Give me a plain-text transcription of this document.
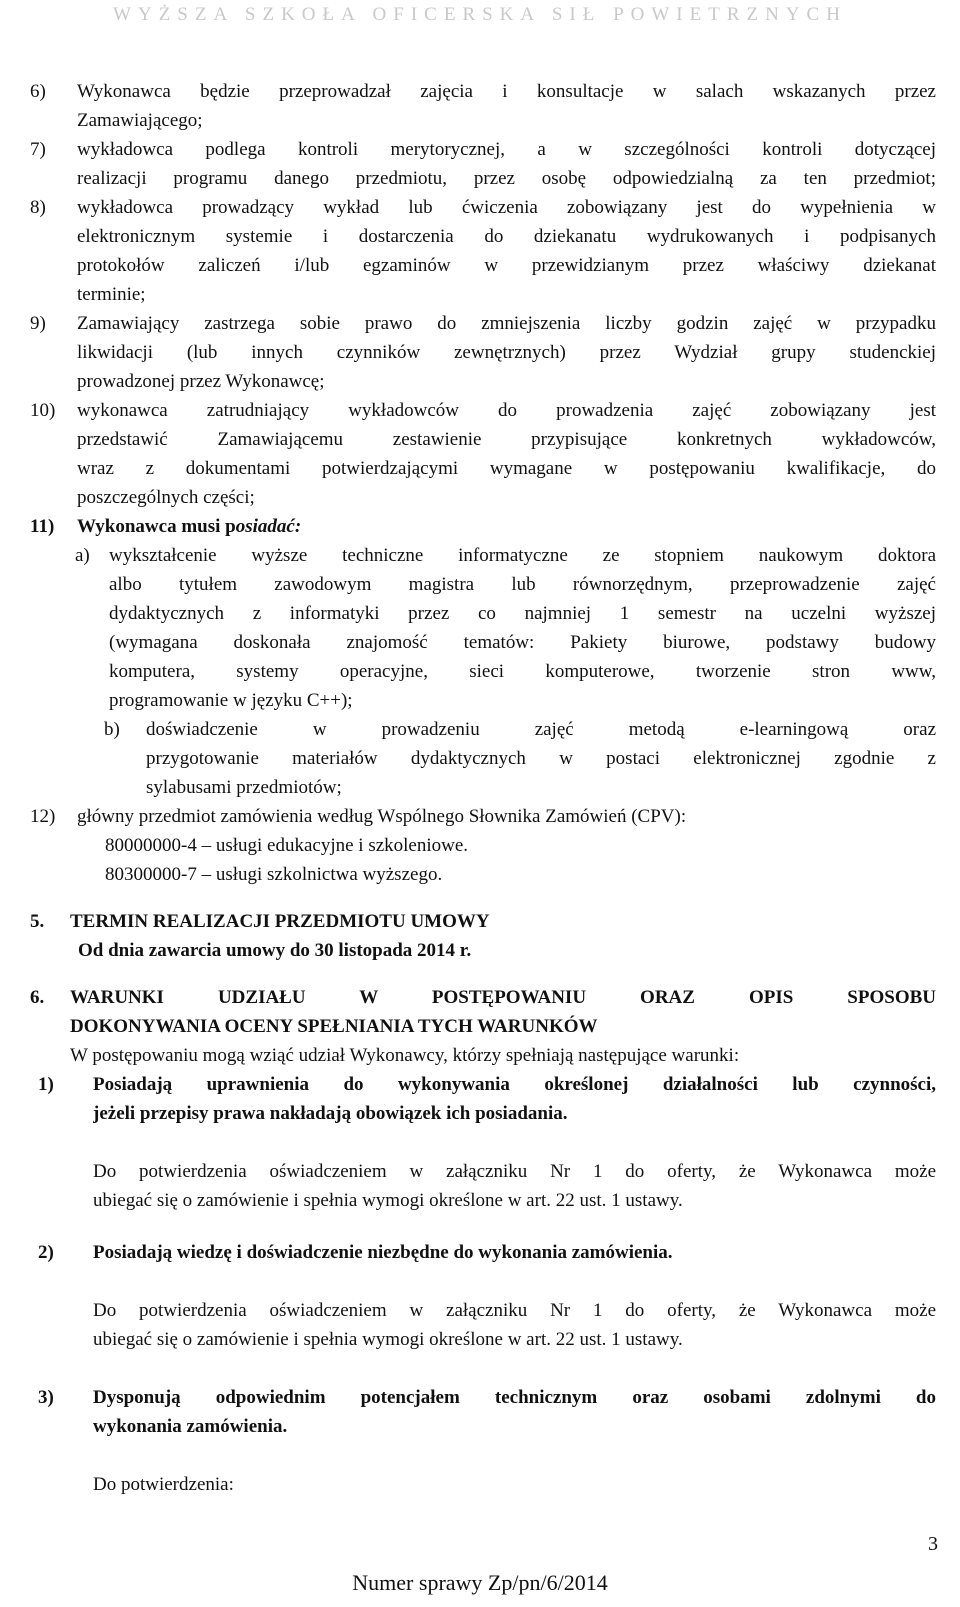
WYŻSZA SZKOŁA OFICERSKA SIŁ POWIETRZNYCH
6) Wykonawca będzie przeprowadzał zajęcia i konsultacje w salach wskazanych przez
Zamawiającego;
7) wykładowca podlega kontroli merytorycznej, a w szczególności kontroli dotyczącej
realizacji programu danego przedmiotu, przez osobę odpowiedzialną za ten przedmiot;
8) wykładowca prowadzący wykład lub ćwiczenia zobowiązany jest do wypełnienia w
elektronicznym systemie i dostarczenia do dziekanatu wydrukowanych i podpisanych
protokołów zaliczeń i/lub egzaminów w przewidzianym przez właściwy dziekanat
terminie;
9) Zamawiający zastrzega sobie prawo do zmniejszenia liczby godzin zajęć w przypadku
likwidacji (lub innych czynników zewnętrznych) przez Wydział grupy studenckiej
prowadzonej przez Wykonawcę;
10) wykonawca zatrudniający wykładowców do prowadzenia zajęć zobowiązany jest
przedstawić Zamawiającemu zestawienie przypisujące konkretnych wykładowców,
wraz z dokumentami potwierdzającymi wymagane w postępowaniu kwalifikacje, do
poszczególnych części;
11) Wykonawca musi posiadać:
a) wykształcenie wyższe techniczne informatyczne ze stopniem naukowym doktora
albo tytułem zawodowym magistra lub równorzędnym, przeprowadzenie zajęć
dydaktycznych z informatyki przez co najmniej 1 semestr na uczelni wyższej
(wymagana doskonała znajomość tematów: Pakiety biurowe, podstawy budowy
komputera, systemy operacyjne, sieci komputerowe, tworzenie stron www,
programowanie w języku C++);
b) doświadczenie w prowadzeniu zajęć metodą e-learningową oraz
przygotowanie materiałów dydaktycznych w postaci elektronicznej zgodnie z
sylabusami przedmiotów;
12) główny przedmiot zamówienia według Wspólnego Słownika Zamówień (CPV):
80000000-4 – usługi edukacyjne i szkoleniowe.
80300000-7 – usługi szkolnictwa wyższego.
5. TERMIN REALIZACJI PRZEDMIOTU UMOWY
Od dnia zawarcia umowy do 30 listopada 2014 r.
6. WARUNKI UDZIAŁU W POSTĘPOWANIU ORAZ OPIS SPOSOBU
DOKONYWANIA OCENY SPEŁNIANIA TYCH WARUNKÓW
W postępowaniu mogą wziąć udział Wykonawcy, którzy spełniają następujące warunki:
1) Posiadają uprawnienia do wykonywania określonej działalności lub czynności,
jeżeli przepisy prawa nakładają obowiązek ich posiadania.
Do potwierdzenia oświadczeniem w załączniku Nr 1 do oferty, że Wykonawca może
ubiegać się o zamówienie i spełnia wymogi określone w art. 22 ust. 1 ustawy.
2) Posiadają wiedzę i doświadczenie niezbędne do wykonania zamówienia.
Do potwierdzenia oświadczeniem w załączniku Nr 1 do oferty, że Wykonawca może
ubiegać się o zamówienie i spełnia wymogi określone w art. 22 ust. 1 ustawy.
3) Dysponują odpowiednim potencjałem technicznym oraz osobami zdolnymi do
wykonania zamówienia.
Do potwierdzenia:
3
Numer sprawy Zp/pn/6/2014
